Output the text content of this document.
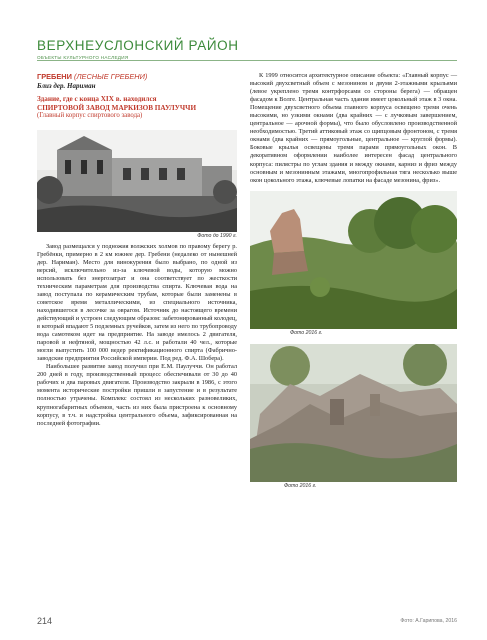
ВЕРХНЕУСЛОНСКИЙ РАЙОН
ОБЪЕКТЫ КУЛЬТУРНОГО НАСЛЕДИЯ
ГРЕБЕНИ (ЛЕСНЫЕ ГРЕБЕНИ)
Близ дер. Нариман
Здание, где с конца XIX в. находился
СПИРТОВОЙ ЗАВОД МАРКИЗОВ ПАУЛУЧЧИ
(Главный корпус спиртового завода)
Фото до 1990 г.

Завод размещался у подножия волжских холмов по правому берегу р. Гребёнки, примерно в 2 км южнее дер. Гребени (недалеко от нынешней дер. Нариман). Место для винокурения было выбрано, по одной из версий, исключительно из-за ключевой воды, которую можно использовать без энергозатрат и она соответствует по жесткости техническим параметрам для производства спирта. Ключевая вода на завод поступала по керамическим трубам, которые были заменены в советское время металлическими, из специального источника, находившегося в лесочке за оврагом. Источник до настоящего времени действующий и устроен следующим образом: забетонированный колодец, в который впадают 5 подземных ручейков, затем из него по трубопроводу вода самотеком идет на предприятие. На заводе имелось 2 двигателя, паровой и нефтяной, мощностью 42 л.с. и работали 40 чел., которые могли выпустить 100 000 ведер ректификационного спирта (Фабрично-заводские предприятия Российской империи. Под ред. Ф.А. Шобера).

Наибольшее развитие завод получил при Е.М. Паулуччи. Он работал 200 дней в году, производственный процесс обеспечивали от 30 до 40 рабочих и два паровых двигателя. Производство закрыли в 1986, с этого момента исторические постройки пришли в запустение и в результате полностью утрачены. Комплекс состоял из нескольких разновеликих, крупногабаритных объемов, часть из них была пристроена к основному корпусу, в т.ч. и надстройка центрального объема, зафиксированная на последней фотографии.

К 1999 относится архитектурное описание объекта: «Главный корпус — высокий двухсветный объем с мезонином и двумя 2-этажными крыльями (левое укреплено тремя контрфорсами со стороны берега) — обращен фасадом к Волге. Центральная часть здания имеет цокольный этаж в 3 окна. Помещение двухсветного объема главного корпуса освещено тремя очень высокими, но узкими окнами (два крайних — с лучковым завершением, центральное — арочной формы), что было обусловлено производственной необходимостью. Третий аттиковый этаж со щипцовым фронтоном, с тремя окнами (два крайних — прямоугольные, центральное — круглой формы). Боковые крылья освещены тремя парами прямоугольных окон. В декоративном оформлении наиболее интересен фасад центрального корпуса: пилястры по углам здания и между окнами, карниз и фриз между основным и мезонинным этажами, многопрофильная тяга несколько выше окон цокольного этажа, ключевые лопатки на фасаде мезонина, фриз».

Фото 2016 г.
Фото 2016 г.
214	Фото: А.Гарипова, 2016
